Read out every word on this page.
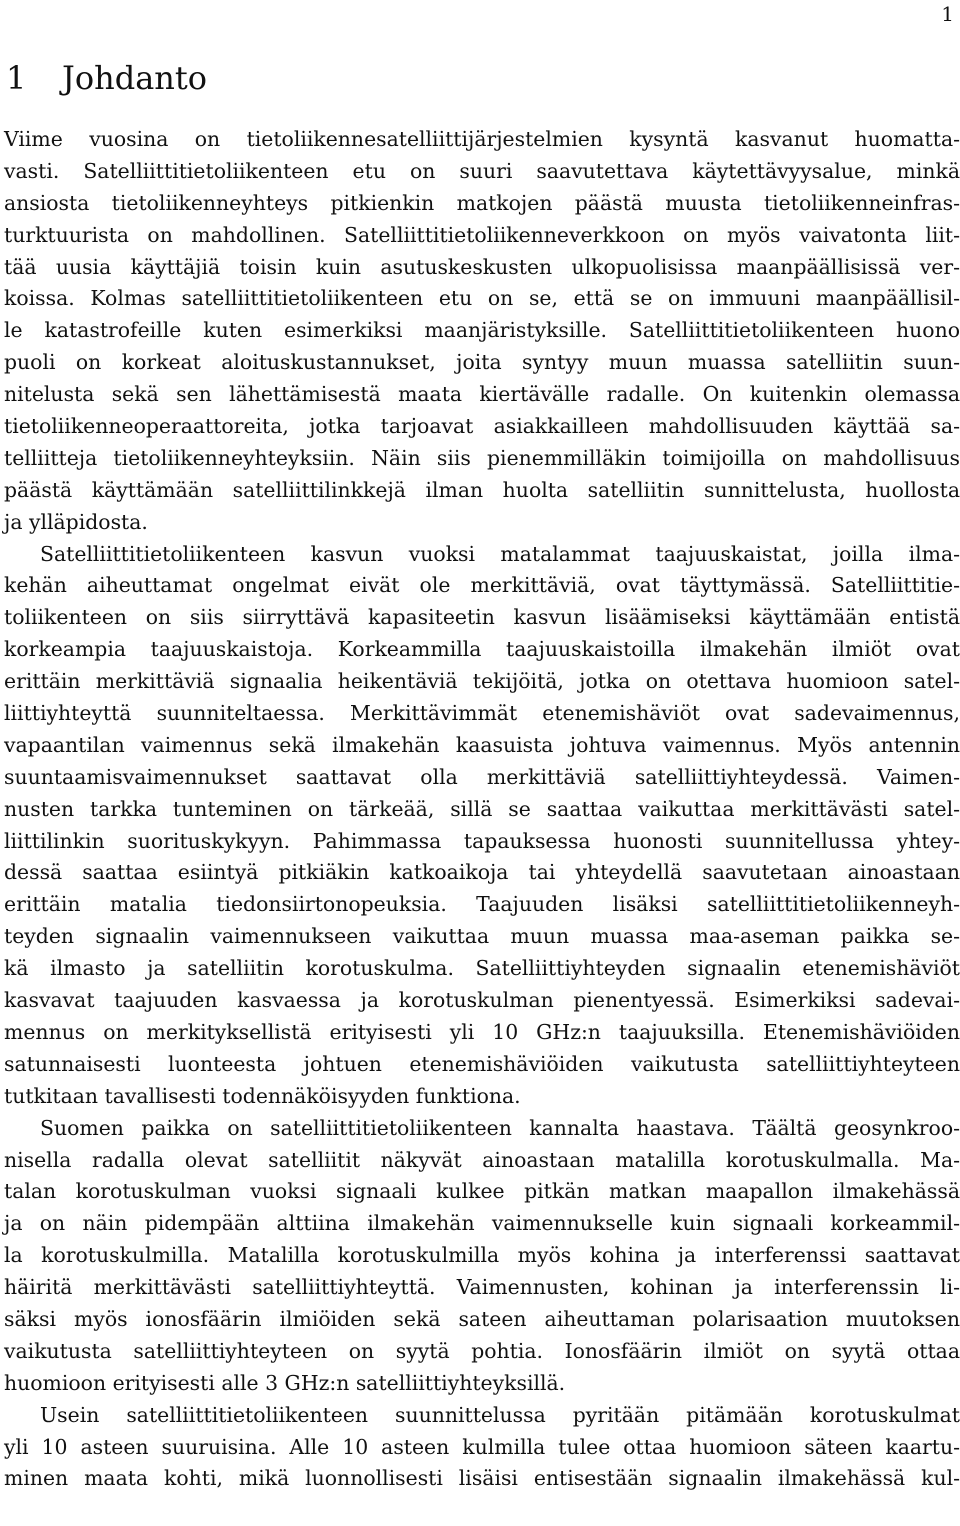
1
1 Johdanto

Viime vuosina on tietoliikennesatelliittijärjestelmien kysyntä kasvanut huomatta-
vasti. Satelliittitietoliikenteen etu on suuri saavutettava käytettävyysalue, minkä
ansiosta tietoliikenneyhteys pitkienkin matkojen päästä muusta tietoliikenneinfras-
turktuurista on mahdollinen. Satelliittitietoliikenneverkkoon on myös vaivatonta liit-
tää uusia käyttäjiä toisin kuin asutuskeskusten ulkopuolisissa maanpäällisissä ver-
koissa. Kolmas satelliittitietoliikenteen etu on se, että se on immuuni maanpäällisil-
le katastrofeille kuten esimerkiksi maanjäristyksille. Satelliittitietoliikenteen huono
puoli on korkeat aloituskustannukset, joita syntyy muun muassa satelliitin suun-
nitelusta sekä sen lähettämisestä maata kiertävälle radalle. On kuitenkin olemassa
tietoliikenneoperaattoreita, jotka tarjoavat asiakkailleen mahdollisuuden käyttää sa-
telliitteja tietoliikenneyhteyksiin. Näin siis pienemmilläkin toimijoilla on mahdollisuus
päästä käyttämään satelliittilinkkejä ilman huolta satelliitin sunnittelusta, huollosta
ja ylläpidosta.

Satelliittitietoliikenteen kasvun vuoksi matalammat taajuuskaistat, joilla ilma-
kehän aiheuttamat ongelmat eivät ole merkittäviä, ovat täyttymässä. Satelliittitie-
toliikenteen on siis siirryttävä kapasiteetin kasvun lisäämiseksi käyttämään entistä
korkeampia taajuuskaistoja. Korkeammilla taajuuskaistoilla ilmakehän ilmiöt ovat
erittäin merkittäviä signaalia heikentäviä tekijöitä, jotka on otettava huomioon satel-
liittiyhteyttä suunniteltaessa. Merkittävimmät etenemishäviöt ovat sadevaimennus,
vapaantilan vaimennus sekä ilmakehän kaasuista johtuva vaimennus. Myös antennin
suuntaamisvaimennukset saattavat olla merkittäviä satelliittiyhteydessä. Vaimen-
nusten tarkka tunteminen on tärkeää, sillä se saattaa vaikuttaa merkittävästi satel-
liittilinkin suorituskykyyn. Pahimmassa tapauksessa huonosti suunnitellussa yhtey-
dessä saattaa esiintyä pitkiäkin katkoaikoja tai yhteydellä saavutetaan ainoastaan
erittäin matalia tiedonsiirtonopeuksia. Taajuuden lisäksi satelliittitietoliikenneyh-
teyden signaalin vaimennukseen vaikuttaa muun muassa maa-aseman paikka se-
kä ilmasto ja satelliitin korotuskulma. Satelliittiyhteyden signaalin etenemishäviöt
kasvavat taajuuden kasvaessa ja korotuskulman pienentyessä. Esimerkiksi sadevai-
mennus on merkityksellistä erityisesti yli 10 GHz:n taajuuksilla. Etenemishäviöiden
satunnaisesti luonteesta johtuen etenemishäviöiden vaikutusta satelliittiyhteyteen
tutkitaan tavallisesti todennäköisyyden funktiona.

Suomen paikka on satelliittitietoliikenteen kannalta haastava. Täältä geosynkroo-
nisella radalla olevat satelliitit näkyvät ainoastaan matalilla korotuskulmalla. Ma-
talan korotuskulman vuoksi signaali kulkee pitkän matkan maapallon ilmakehässä
ja on näin pidempään alttiina ilmakehän vaimennukselle kuin signaali korkeammil-
la korotuskulmilla. Matalilla korotuskulmilla myös kohina ja interferenssi saattavat
häiritä merkittävästi satelliittiyhteyttä. Vaimennusten, kohinan ja interferenssin li-
säksi myös ionosfäärin ilmiöiden sekä sateen aiheuttaman polarisaation muutoksen
vaikutusta satelliittiyhteyteen on syytä pohtia. Ionosfäärin ilmiöt on syytä ottaa
huomioon erityisesti alle 3 GHz:n satelliittiyhteyksillä.

Usein satelliittitietoliikenteen suunnittelussa pyritään pitämään korotuskulmat
yli 10 asteen suuruisina. Alle 10 asteen kulmilla tulee ottaa huomioon säteen kaartu-
minen maata kohti, mikä luonnollisesti lisäisi entisestään signaalin ilmakehässä kul-
